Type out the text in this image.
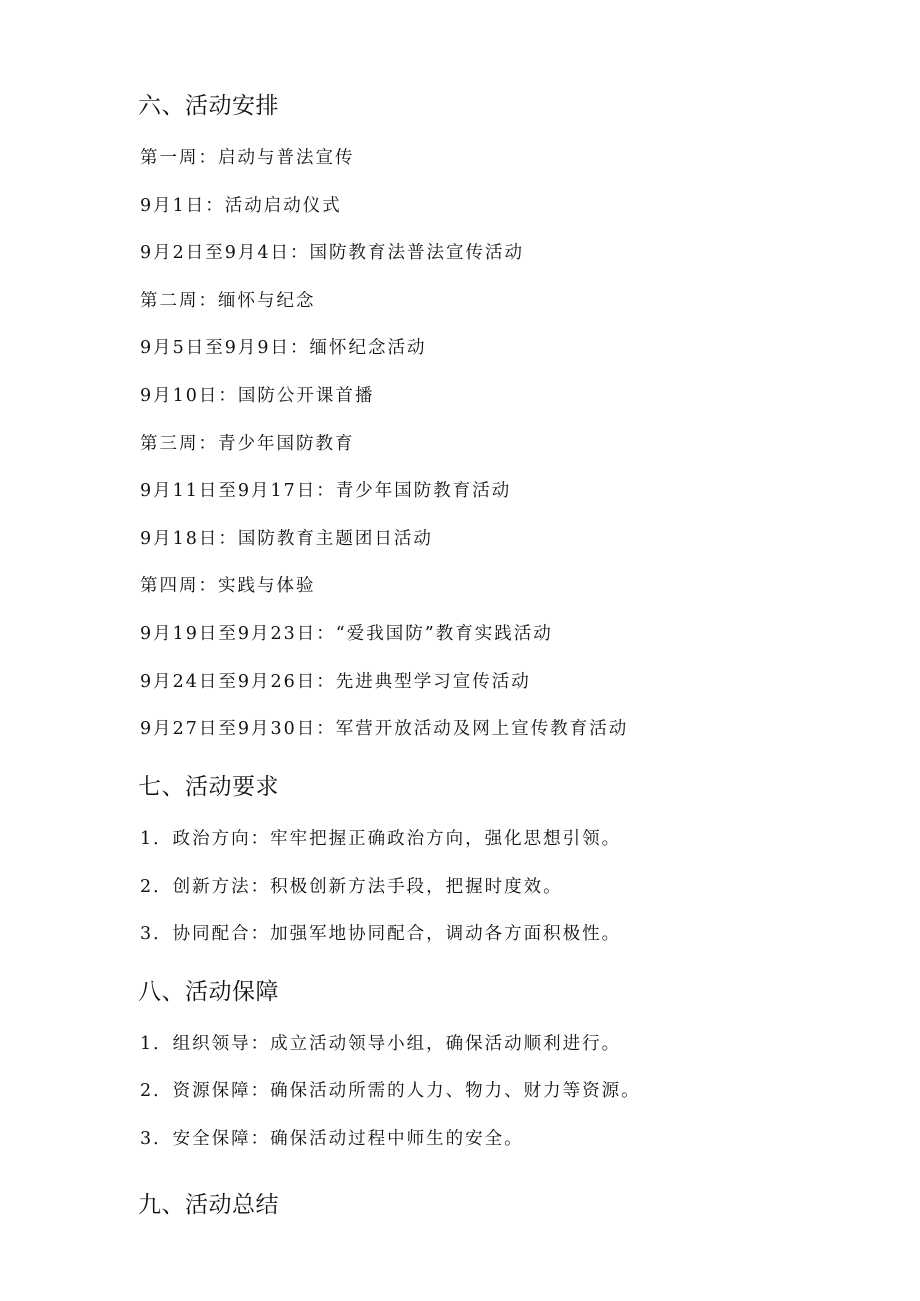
六、活动安排
第一周：启动与普法宣传
9月1日：活动启动仪式
9月2日至9月4日：国防教育法普法宣传活动
第二周：缅怀与纪念
9月5日至9月9日：缅怀纪念活动
9月10日：国防公开课首播
第三周：青少年国防教育
9月11日至9月17日：青少年国防教育活动
9月18日：国防教育主题团日活动
第四周：实践与体验
9月19日至9月23日：“爱我国防”教育实践活动
9月24日至9月26日：先进典型学习宣传活动
9月27日至9月30日：军营开放活动及网上宣传教育活动
七、活动要求
1．政治方向：牢牢把握正确政治方向，强化思想引领。
2．创新方法：积极创新方法手段，把握时度效。
3．协同配合：加强军地协同配合，调动各方面积极性。
八、活动保障
1．组织领导：成立活动领导小组，确保活动顺利进行。
2．资源保障：确保活动所需的人力、物力、财力等资源。
3．安全保障：确保活动过程中师生的安全。
九、活动总结
